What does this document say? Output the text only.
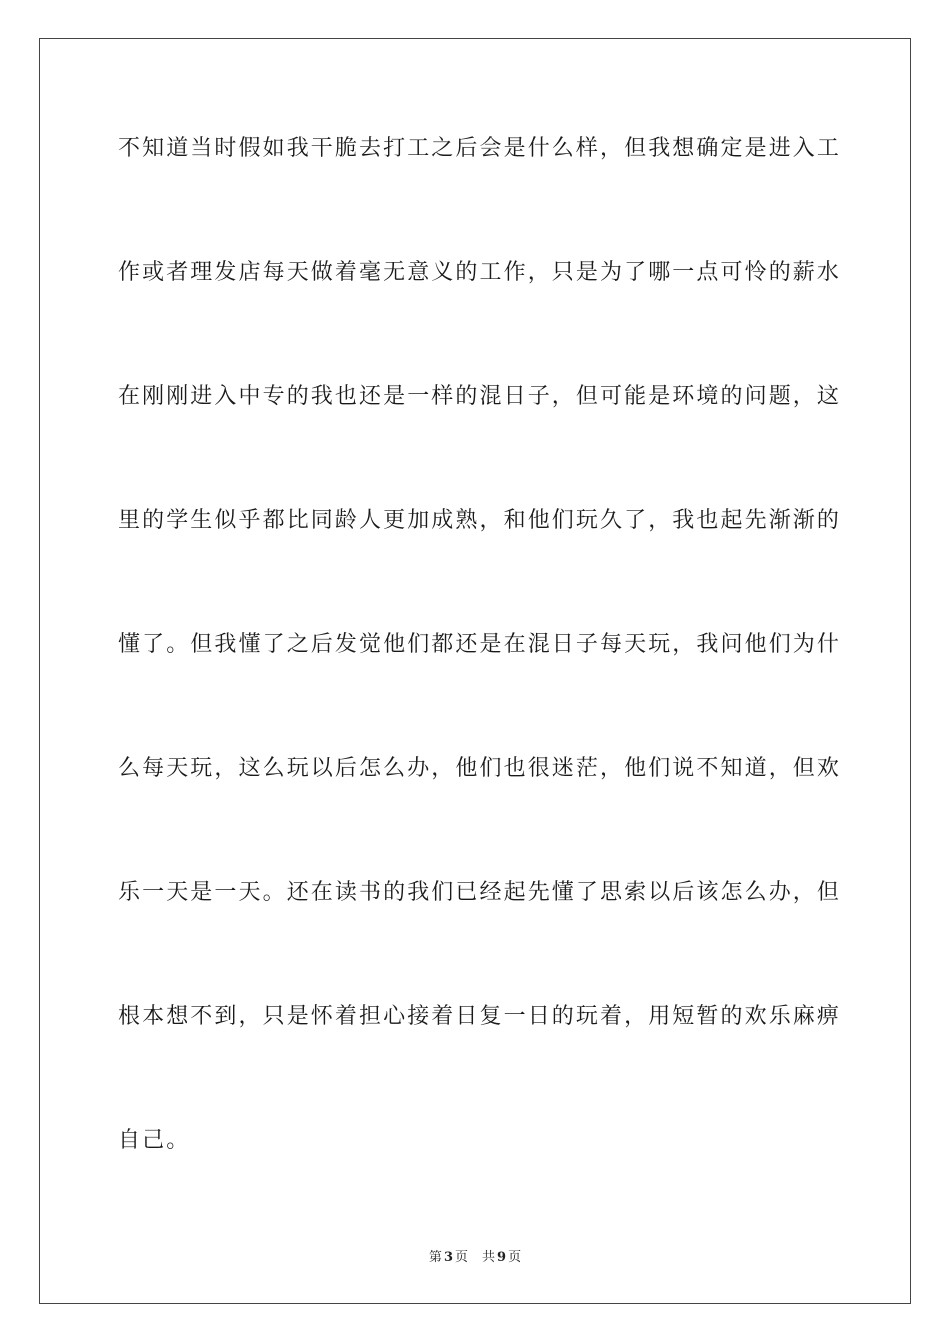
不知道当时假如我干脆去打工之后会是什么样，但我想确定是进入工
作或者理发店每天做着毫无意义的工作，只是为了哪一点可怜的薪水
在刚刚进入中专的我也还是一样的混日子，但可能是环境的问题，这
里的学生似乎都比同龄人更加成熟，和他们玩久了，我也起先渐渐的
懂了。但我懂了之后发觉他们都还是在混日子每天玩，我问他们为什
么每天玩，这么玩以后怎么办，他们也很迷茫，他们说不知道，但欢
乐一天是一天。还在读书的我们已经起先懂了思索以后该怎么办，但
根本想不到，只是怀着担心接着日复一日的玩着，用短暂的欢乐麻痹
自己。
第 3 页 共 9 页
